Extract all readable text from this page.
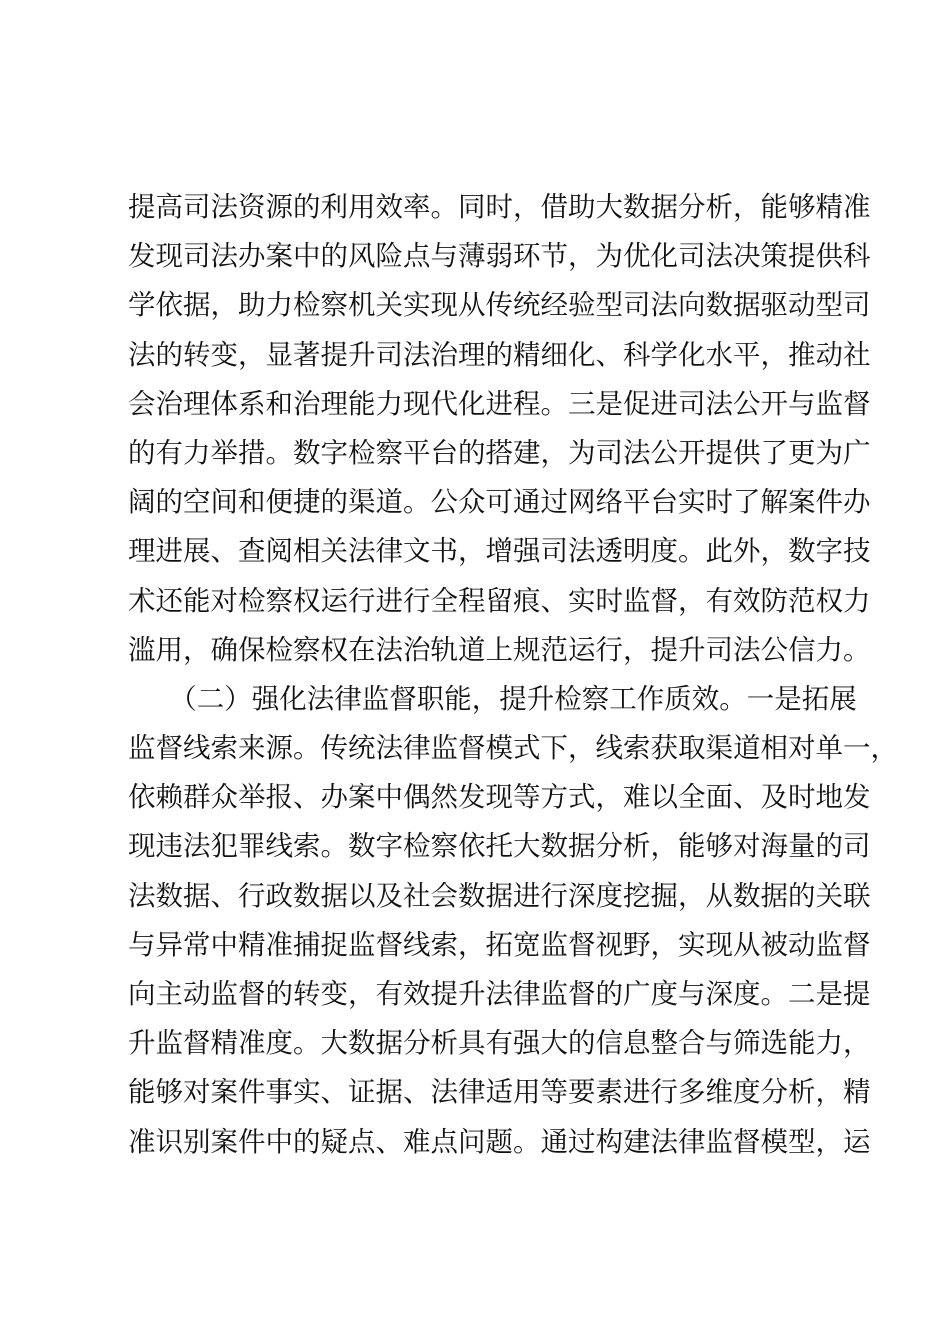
提高司法资源的利用效率。同时，借助大数据分析，能够精准
发现司法办案中的风险点与薄弱环节，为优化司法决策提供科
学依据，助力检察机关实现从传统经验型司法向数据驱动型司
法的转变，显著提升司法治理的精细化、科学化水平，推动社
会治理体系和治理能力现代化进程。三是促进司法公开与监督
的有力举措。数字检察平台的搭建，为司法公开提供了更为广
阔的空间和便捷的渠道。公众可通过网络平台实时了解案件办
理进展、查阅相关法律文书，增强司法透明度。此外，数字技
术还能对检察权运行进行全程留痕、实时监督，有效防范权力
滥用，确保检察权在法治轨道上规范运行，提升司法公信力。
　　（二）强化法律监督职能，提升检察工作质效。一是拓展
监督线索来源。传统法律监督模式下，线索获取渠道相对单一，
依赖群众举报、办案中偶然发现等方式，难以全面、及时地发
现违法犯罪线索。数字检察依托大数据分析，能够对海量的司
法数据、行政数据以及社会数据进行深度挖掘，从数据的关联
与异常中精准捕捉监督线索，拓宽监督视野，实现从被动监督
向主动监督的转变，有效提升法律监督的广度与深度。二是提
升监督精准度。大数据分析具有强大的信息整合与筛选能力，
能够对案件事实、证据、法律适用等要素进行多维度分析，精
准识别案件中的疑点、难点问题。通过构建法律监督模型，运
